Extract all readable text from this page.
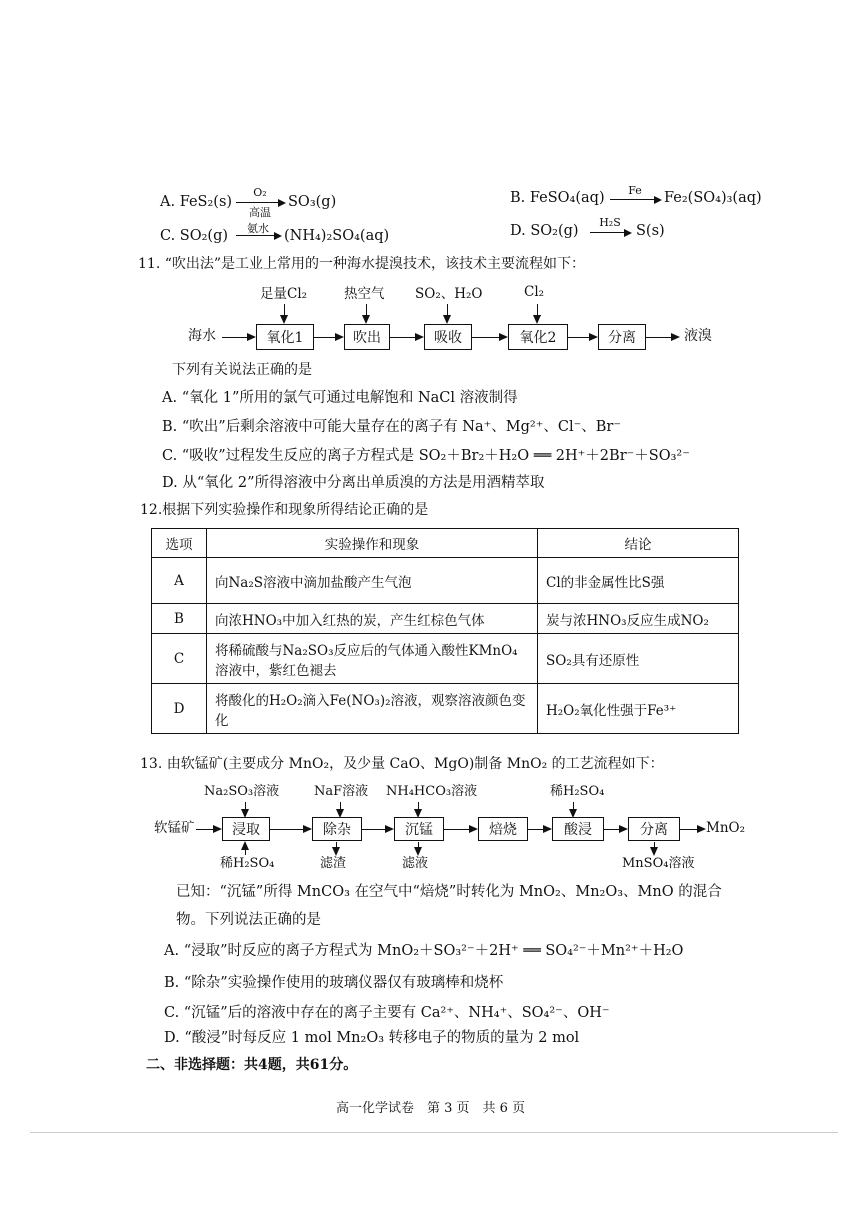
A. FeS₂(s)
O₂
高温
SO₃(g)	B. FeSO₄(aq)	Fe → Fe₂(SO₄)₃(aq)
C. SO₂(g)	氨水 → (NH₄)₂SO₄(aq)	D. SO₂(g)
H₂S
→ S(s)
11. “吹出法”是工业上常用的一种海水提溴技术，该技术主要流程如下：
海水	氧化1	吹出	吸收	氧化2	分离	液溴
足量Cl₂	热空气 SO₂、H₂O	Cl₂
下列有关说法正确的是
A. “氧化 1”所用的氯气可通过电解饱和 NaCl 溶液制得
B. “吹出”后剩余溶液中可能大量存在的离子有 Na⁺、Mg²⁺、Cl⁻、Br⁻
C. “吸收”过程发生反应的离子方程式是 SO₂＋Br₂＋H₂O ══ 2H⁺＋2Br⁻＋SO₃²⁻
D. 从“氧化 2”所得溶液中分离出单质溴的方法是用酒精萃取
12.根据下列实验操作和现象所得结论正确的是
选项	实验操作和现象	结论
A	向Na₂S溶液中滴加盐酸产生气泡	Cl的非金属性比S强
B	向浓HNO₃中加入红热的炭，产生红棕色气体	炭与浓HNO₃反应生成NO₂
C	将稀硫酸与Na₂SO₃反应后的气体通入酸性KMnO₄溶液中，紫红色褪去	SO₂具有还原性
D	将酸化的H₂O₂滴入Fe(NO₃)₂溶液，观察溶液颜色变化	H₂O₂氧化性强于Fe³⁺
13. 由软锰矿(主要成分 MnO₂，及少量 CaO、MgO)制备 MnO₂ 的工艺流程如下：
Na₂SO₃溶液	NaF溶液 NH₄HCO₃溶液	稀H₂SO₄
软锰矿	浸取	除杂	沉锰	焙烧	酸浸	分离	MnO₂
稀H₂SO₄	滤渣	滤液	MnSO₄溶液
已知：“沉锰”所得 MnCO₃ 在空气中“焙烧”时转化为 MnO₂、Mn₂O₃、MnO 的混合
物。下列说法正确的是
A. “浸取”时反应的离子方程式为 MnO₂＋SO₃²⁻＋2H⁺ ══ SO₄²⁻＋Mn²⁺＋H₂O
B. “除杂”实验操作使用的玻璃仪器仅有玻璃棒和烧杯
C. “沉锰”后的溶液中存在的离子主要有 Ca²⁺、NH₄⁺、SO₄²⁻、OH⁻
D. “酸浸”时每反应 1 mol Mn₂O₃ 转移电子的物质的量为 2 mol
二、非选择题：共4题，共61分。
高一化学试卷　第 3 页　共 6 页
